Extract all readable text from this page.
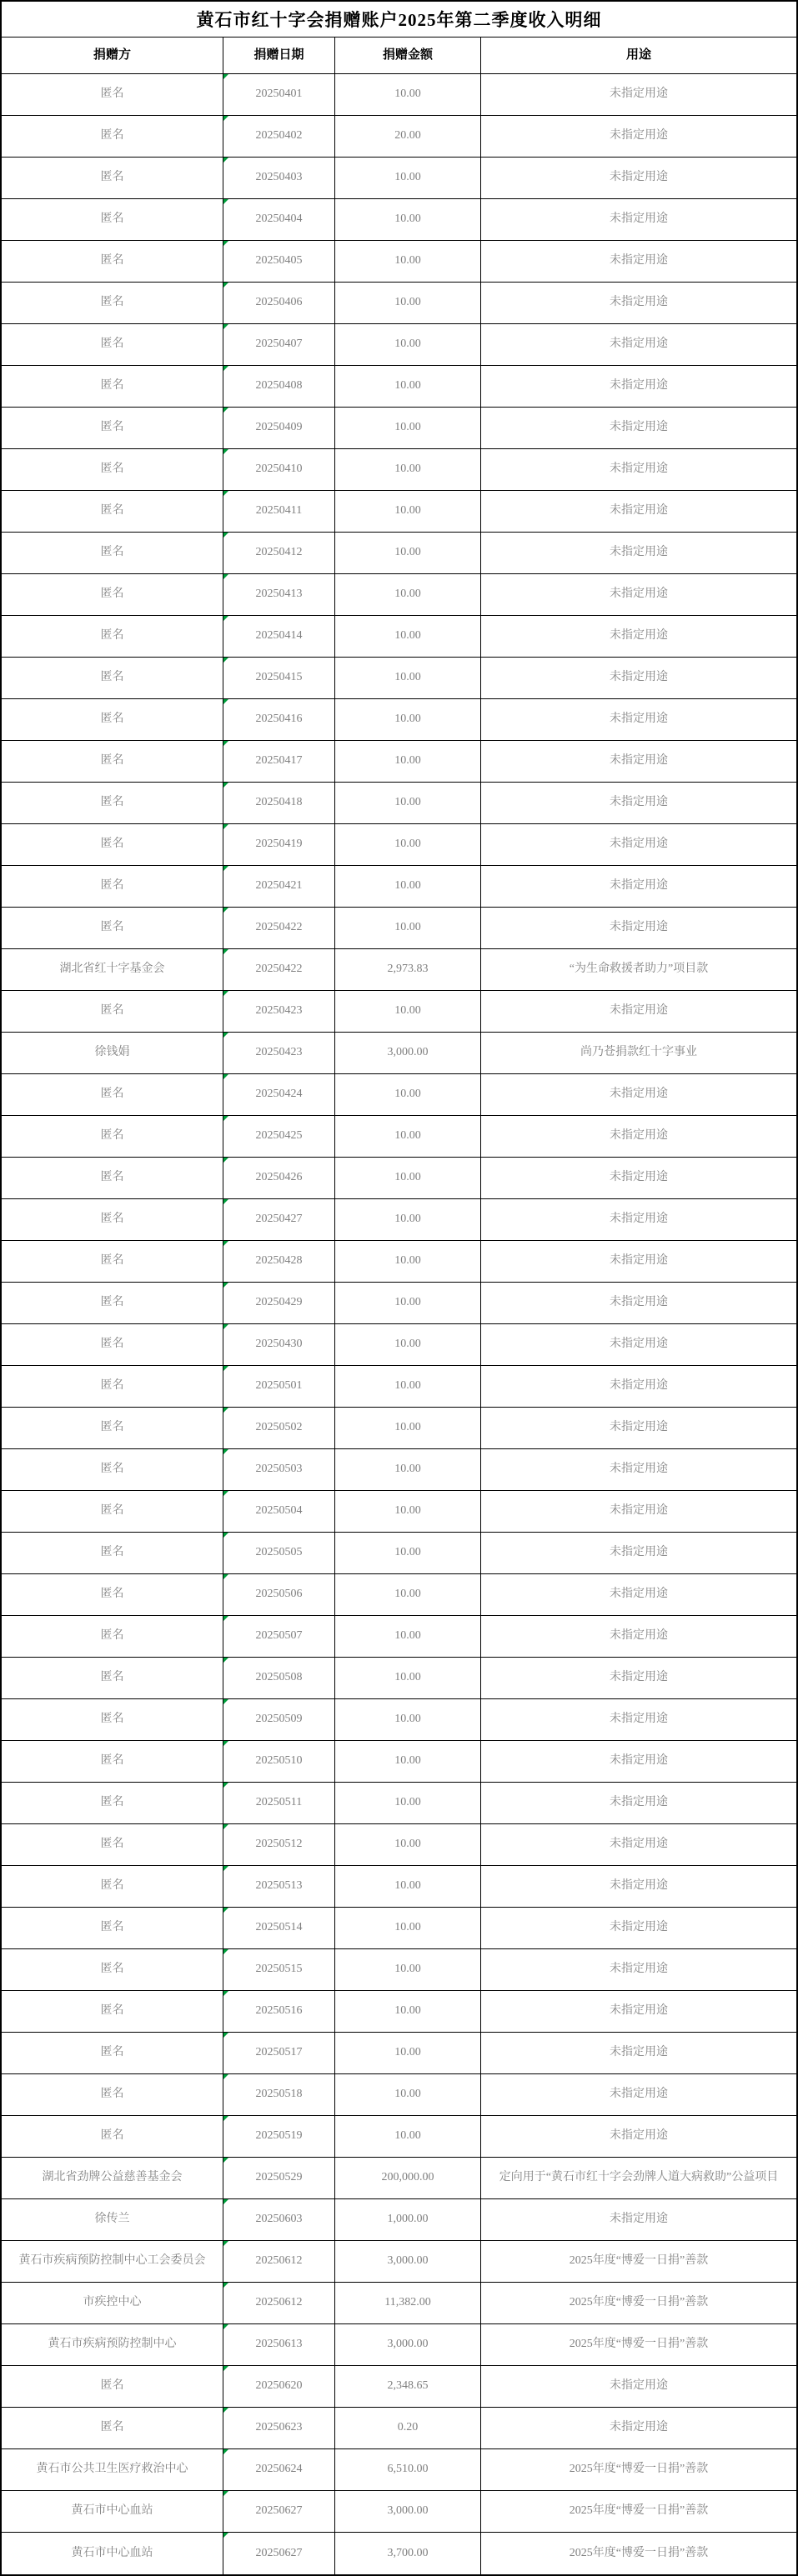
黄石市红十字会捐赠账户2025年第二季度收入明细
捐赠方	捐赠日期	捐赠金额	用途
匿名	20250401	10.00	未指定用途
匿名	20250402	20.00	未指定用途
匿名	20250403	10.00	未指定用途
匿名	20250404	10.00	未指定用途
匿名	20250405	10.00	未指定用途
匿名	20250406	10.00	未指定用途
匿名	20250407	10.00	未指定用途
匿名	20250408	10.00	未指定用途
匿名	20250409	10.00	未指定用途
匿名	20250410	10.00	未指定用途
匿名	20250411	10.00	未指定用途
匿名	20250412	10.00	未指定用途
匿名	20250413	10.00	未指定用途
匿名	20250414	10.00	未指定用途
匿名	20250415	10.00	未指定用途
匿名	20250416	10.00	未指定用途
匿名	20250417	10.00	未指定用途
匿名	20250418	10.00	未指定用途
匿名	20250419	10.00	未指定用途
匿名	20250421	10.00	未指定用途
匿名	20250422	10.00	未指定用途
湖北省红十字基金会	20250422	2,973.83	“为生命救援者助力”项目款
匿名	20250423	10.00	未指定用途
徐钱娟	20250423	3,000.00	尚乃苍捐款红十字事业
匿名	20250424	10.00	未指定用途
匿名	20250425	10.00	未指定用途
匿名	20250426	10.00	未指定用途
匿名	20250427	10.00	未指定用途
匿名	20250428	10.00	未指定用途
匿名	20250429	10.00	未指定用途
匿名	20250430	10.00	未指定用途
匿名	20250501	10.00	未指定用途
匿名	20250502	10.00	未指定用途
匿名	20250503	10.00	未指定用途
匿名	20250504	10.00	未指定用途
匿名	20250505	10.00	未指定用途
匿名	20250506	10.00	未指定用途
匿名	20250507	10.00	未指定用途
匿名	20250508	10.00	未指定用途
匿名	20250509	10.00	未指定用途
匿名	20250510	10.00	未指定用途
匿名	20250511	10.00	未指定用途
匿名	20250512	10.00	未指定用途
匿名	20250513	10.00	未指定用途
匿名	20250514	10.00	未指定用途
匿名	20250515	10.00	未指定用途
匿名	20250516	10.00	未指定用途
匿名	20250517	10.00	未指定用途
匿名	20250518	10.00	未指定用途
匿名	20250519	10.00	未指定用途
湖北省劲牌公益慈善基金会	20250529	200,000.00	定向用于“黄石市红十字会劲牌人道大病救助”公益项目
徐传兰	20250603	1,000.00	未指定用途
黄石市疾病预防控制中心工会委员会	20250612	3,000.00	2025年度“博爱一日捐”善款
市疾控中心	20250612	11,382.00	2025年度“博爱一日捐”善款
黄石市疾病预防控制中心	20250613	3,000.00	2025年度“博爱一日捐”善款
匿名	20250620	2,348.65	未指定用途
匿名	20250623	0.20	未指定用途
黄石市公共卫生医疗救治中心	20250624	6,510.00	2025年度“博爱一日捐”善款
黄石市中心血站	20250627	3,000.00	2025年度“博爱一日捐”善款
黄石市中心血站	20250627	3,700.00	2025年度“博爱一日捐”善款
